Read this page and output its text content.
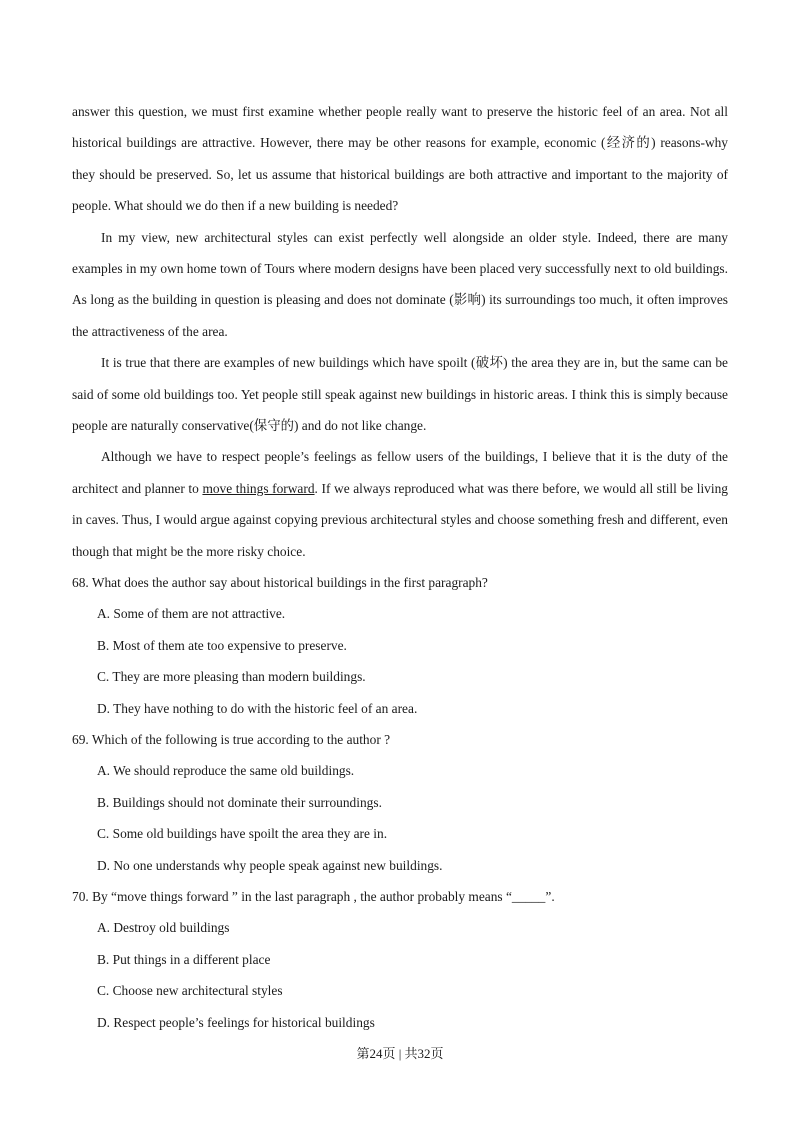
answer this question, we must first examine whether people really want to preserve the historic feel of an area. Not all historical buildings are attractive. However, there may be other reasons for example, economic (经济的) reasons-why they should be preserved. So, let us assume that historical buildings are both attractive and important to the majority of people. What should we do then if a new building is needed?

In my view, new architectural styles can exist perfectly well alongside an older style. Indeed, there are many examples in my own home town of Tours where modern designs have been placed very successfully next to old buildings. As long as the building in question is pleasing and does not dominate (影响) its surroundings too much, it often improves the attractiveness of the area.

It is true that there are examples of new buildings which have spoilt (破坏) the area they are in, but the same can be said of some old buildings too. Yet people still speak against new buildings in historic areas. I think this is simply because people are naturally conservative(保守的) and do not like change.

Although we have to respect people’s feelings as fellow users of the buildings, I believe that it is the duty of the architect and planner to move things forward. If we always reproduced what was there before, we would all still be living in caves. Thus, I would argue against copying previous architectural styles and choose something fresh and different, even though that might be the more risky choice.

68. What does the author say about historical buildings in the first paragraph?

A. Some of them are not attractive.

B. Most of them ate too expensive to preserve.

C. They are more pleasing than modern buildings.

D. They have nothing to do with the historic feel of an area.

69. Which of the following is true according to the author ?

A. We should reproduce the same old buildings.

B. Buildings should not dominate their surroundings.

C. Some old buildings have spoilt the area they are in.

D. No one understands why people speak against new buildings.

70. By “move things forward ” in the last paragraph , the author probably means “_____”.

A. Destroy old buildings

B. Put things in a different place

C. Choose new architectural styles

D. Respect people’s feelings for historical buildings

第24页 | 共32页
